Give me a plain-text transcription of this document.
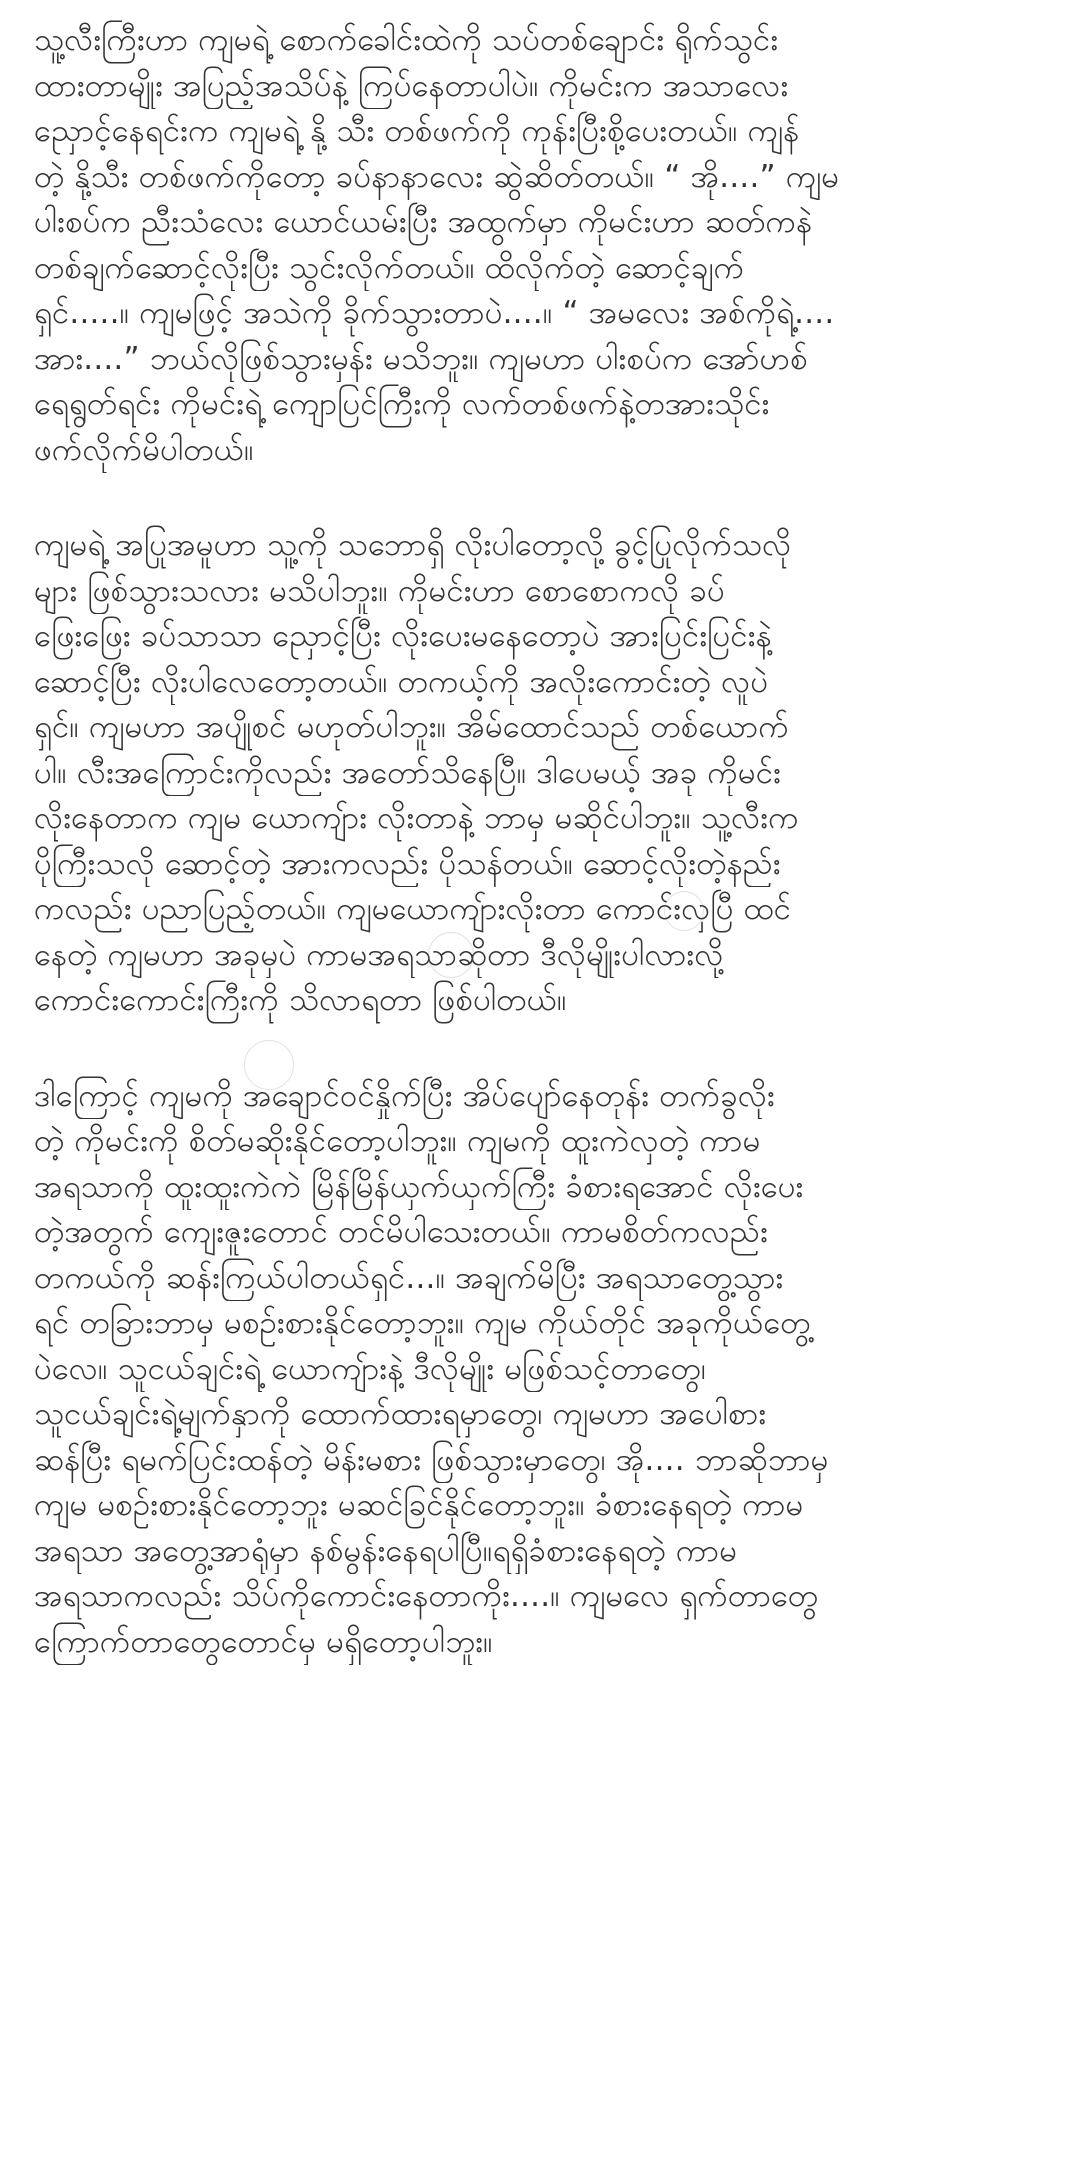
သူ့လီးကြီးဟာ ကျမရဲ့ စောက်ခေါင်းထဲကို သပ်တစ်ချောင်း ရိုက်သွင်း
ထားတာမျိုး အပြည့်အသိပ်နဲ့ ကြပ်နေတာပါပဲ။ ကိုမင်းက အသာလေး
ညှောင့်နေရင်းက ကျမရဲ့ နို့ သီး တစ်ဖက်ကို ကုန်းပြီးစို့ပေးတယ်။ ကျန်
တဲ့ နို့သီး တစ်ဖက်ကိုတော့ ခပ်နာနာလေး ဆွဲဆိတ်တယ်။ “ အို....” ကျမ
ပါးစပ်က ညီးသံလေး ယောင်ယမ်းပြီး အထွက်မှာ ကိုမင်းဟာ ဆတ်ကနဲ
တစ်ချက်ဆောင့်လိုးပြီး သွင်းလိုက်တယ်။ ထိလိုက်တဲ့ ဆောင့်ချက်
ရှင်.....။ ကျမဖြင့် အသဲကို ခိုက်သွားတာပဲ....။ “ အမလေး အစ်ကိုရဲ့....
အား....” ဘယ်လိုဖြစ်သွားမှန်း မသိဘူး။ ကျမဟာ ပါးစပ်က အော်ဟစ်
ရေရွတ်ရင်း ကိုမင်းရဲ့ ကျောပြင်ကြီးကို လက်တစ်ဖက်နဲ့တအားသိုင်း
ဖက်လိုက်မိပါတယ်။
ကျမရဲ့ အပြုအမူဟာ သူ့ကို သဘောရှိ လိုးပါတော့လို့ ခွင့်ပြုလိုက်သလို
များ ဖြစ်သွားသလား မသိပါဘူး။ ကိုမင်းဟာ စောစောကလို ခပ်
ဖြေးဖြေး ခပ်သာသာ ညှောင့်ပြီး လိုးပေးမနေတော့ပဲ အားပြင်းပြင်းနဲ့
ဆောင့်ပြီး လိုးပါလေတော့တယ်။ တကယ့်ကို အလိုးကောင်းတဲ့ လူပဲ
ရှင်။ ကျမဟာ အပျိုစင် မဟုတ်ပါဘူး။ အိမ်ထောင်သည် တစ်ယောက်
ပါ။ လီးအကြောင်းကိုလည်း အတော်သိနေပြီ။ ဒါပေမယ့် အခု ကိုမင်း
လိုးနေတာက ကျမ ယောကျ်ား လိုးတာနဲ့ ဘာမှ မဆိုင်ပါဘူး။ သူ့လီးက
ပိုကြီးသလို ဆောင့်တဲ့ အားကလည်း ပိုသန်တယ်။ ဆောင့်လိုးတဲ့နည်း
ကလည်း ပညာပြည့်တယ်။ ကျမယောကျ်ားလိုးတာ ကောင်းလှပြီ ထင်
နေတဲ့ ကျမဟာ အခုမှပဲ ကာမအရသာဆိုတာ ဒီလိုမျိုးပါလားလို့
ကောင်းကောင်းကြီးကို သိလာရတာ ဖြစ်ပါတယ်။
ဒါကြောင့် ကျမကို အချောင်ဝင်နှိုက်ပြီး အိပ်ပျော်နေတုန်း တက်ခွလိုး
တဲ့ ကိုမင်းကို စိတ်မဆိုးနိုင်တော့ပါဘူး။ ကျမကို ထူးကဲလှတဲ့ ကာမ
အရသာကို ထူးထူးကဲကဲ မြိန်မြိန်ယှက်ယှက်ကြီး ခံစားရအောင် လိုးပေး
တဲ့အတွက် ကျေးဇူးတောင် တင်မိပါသေးတယ်။ ကာမစိတ်ကလည်း
တကယ်ကို ဆန်းကြယ်ပါတယ်ရှင်...။ အချက်မိပြီး အရသာတွေ့သွား
ရင် တခြားဘာမှ မစဥ်းစားနိုင်တော့ဘူး။ ကျမ ကိုယ်တိုင် အခုကိုယ်တွေ့
ပဲလေ။ သူငယ်ချင်းရဲ့ ယောကျ်ားနဲ့ ဒီလိုမျိုး မဖြစ်သင့်တာတွေ၊
သူငယ်ချင်းရဲ့မျက်နှာကို ထောက်ထားရမှာတွေ၊ ကျမဟာ အပေါစား
ဆန်ပြီး ရမက်ပြင်းထန်တဲ့ မိန်းမစား ဖြစ်သွားမှာတွေ၊ အို.... ဘာဆိုဘာမှ
ကျမ မစဥ်းစားနိုင်တော့ဘူး မဆင်ခြင်နိုင်တော့ဘူး။ ခံစားနေရတဲ့ ကာမ
အရသာ အတွေ့အာရုံမှာ နစ်မွန်းနေရပါပြီ။ရရှိခံစားနေရတဲ့ ကာမ
အရသာကလည်း သိပ်ကိုကောင်းနေတာကိုး....။ ကျမလေ ရှက်တာတွေ
ကြောက်တာတွေတောင်မှ မရှိတော့ပါဘူး။
